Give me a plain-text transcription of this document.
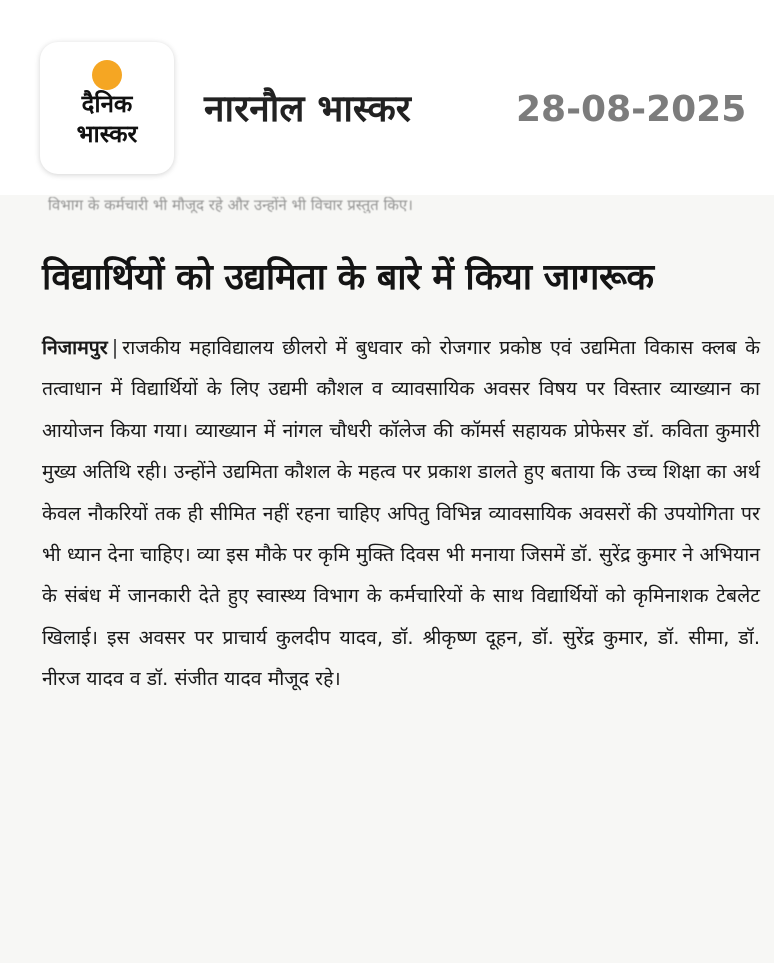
दैनिक
भास्कर
नारनौल भास्कर	28-08-2025
विभाग के कर्मचारी भी मौजूद रहे और उन्होंने भी विचार प्रस्तुत किए।
विद्यार्थियों को उद्यमिता के बारे में किया जागरूक
निजामपुर | राजकीय महाविद्यालय छीलरो में बुधवार को रोजगार प्रकोष्ठ एवं उद्यमिता विकास क्लब के तत्वाधान में विद्यार्थियों के लिए उद्यमी कौशल व व्यावसायिक अवसर विषय पर विस्तार व्याख्यान का आयोजन किया गया। व्याख्यान में नांगल चौधरी कॉलेज की कॉमर्स सहायक प्रोफेसर डॉ. कविता कुमारी मुख्य अतिथि रही। उन्होंने उद्यमिता कौशल के महत्व पर प्रकाश डालते हुए बताया कि उच्च शिक्षा का अर्थ केवल नौकरियों तक ही सीमित नहीं रहना चाहिए अपितु विभिन्न व्यावसायिक अवसरों की उपयोगिता पर भी ध्यान देना चाहिए। व्या इस मौके पर कृमि मुक्ति दिवस भी मनाया जिसमें डॉ. सुरेंद्र कुमार ने अभियान के संबंध में जानकारी देते हुए स्वास्थ्य विभाग के कर्मचारियों के साथ विद्यार्थियों को कृमिनाशक टेबलेट खिलाई। इस अवसर पर प्राचार्य कुलदीप यादव, डॉ. श्रीकृष्ण दूहन, डॉ. सुरेंद्र कुमार, डॉ. सीमा, डॉ. नीरज यादव व डॉ. संजीत यादव मौजूद रहे।
